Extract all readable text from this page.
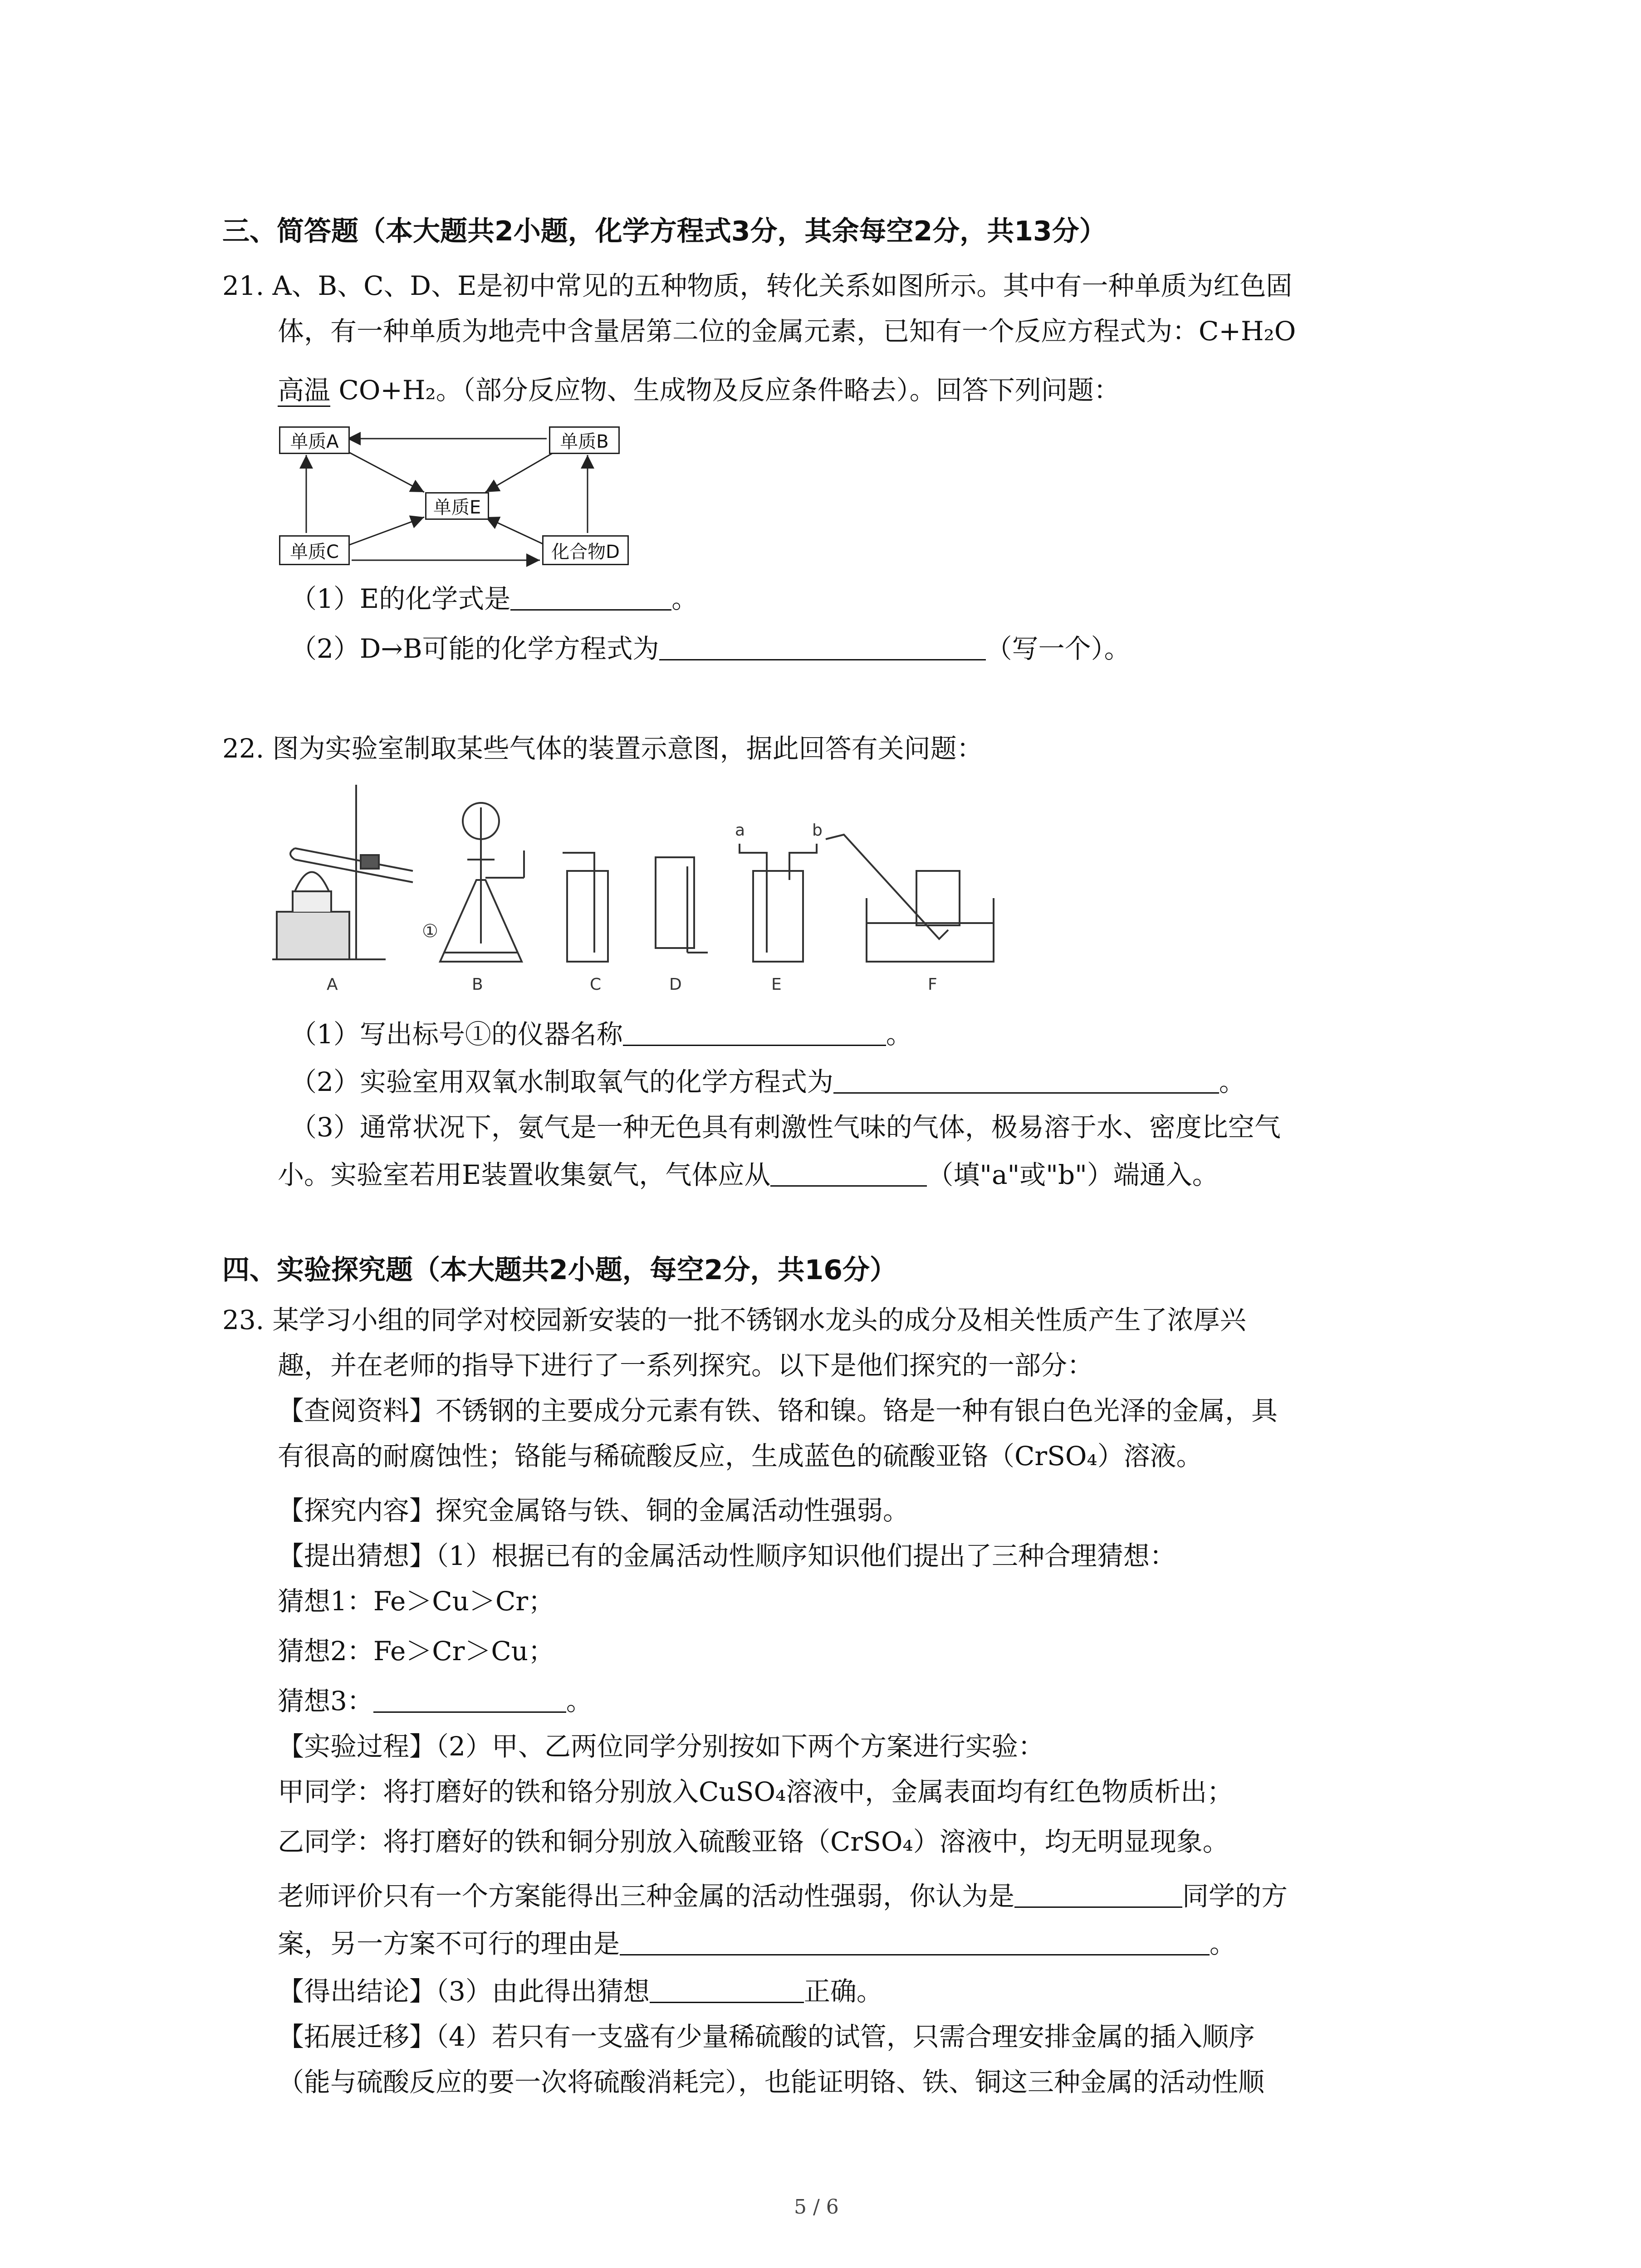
三、简答题（本大题共2小题，化学方程式3分，其余每空2分，共13分）
21. A、B、C、D、E是初中常见的五种物质，转化关系如图所示。其中有一种单质为红色固
体，有一种单质为地壳中含量居第二位的金属元素，已知有一个反应方程式为：C+H₂O
高温 CO+H₂。（部分反应物、生成物及反应条件略去）。回答下列问题：
单质A	单质B
单质E
单质C	化合物D
（1）E的化学式是	。
（2）D→B可能的化学方程式为	（写一个）。
22. 图为实验室制取某些气体的装置示意图，据此回答有关问题：
A	B	C	D	E	F
①
a	b
（1）写出标号①的仪器名称	。
（2）实验室用双氧水制取氧气的化学方程式为	。
（3）通常状况下，氨气是一种无色具有刺激性气味的气体，极易溶于水、密度比空气
小。实验室若用E装置收集氨气，气体应从	（填"a"或"b"）端通入。
四、实验探究题（本大题共2小题，每空2分，共16分）
23. 某学习小组的同学对校园新安装的一批不锈钢水龙头的成分及相关性质产生了浓厚兴
趣，并在老师的指导下进行了一系列探究。以下是他们探究的一部分：
【查阅资料】不锈钢的主要成分元素有铁、铬和镍。铬是一种有银白色光泽的金属，具
有很高的耐腐蚀性；铬能与稀硫酸反应，生成蓝色的硫酸亚铬（CrSO₄）溶液。
【探究内容】探究金属铬与铁、铜的金属活动性强弱。
【提出猜想】（1）根据已有的金属活动性顺序知识他们提出了三种合理猜想：
猜想1：Fe＞Cu＞Cr；
猜想2：Fe＞Cr＞Cu；
猜想3：	。
【实验过程】（2）甲、乙两位同学分别按如下两个方案进行实验：
甲同学：将打磨好的铁和铬分别放入CuSO₄溶液中，金属表面均有红色物质析出；
乙同学：将打磨好的铁和铜分别放入硫酸亚铬（CrSO₄）溶液中，均无明显现象。
老师评价只有一个方案能得出三种金属的活动性强弱，你认为是	同学的方
案，另一方案不可行的理由是	。
【得出结论】（3）由此得出猜想	正确。
【拓展迁移】（4）若只有一支盛有少量稀硫酸的试管，只需合理安排金属的插入顺序
（能与硫酸反应的要一次将硫酸消耗完），也能证明铬、铁、铜这三种金属的活动性顺
5 / 6
